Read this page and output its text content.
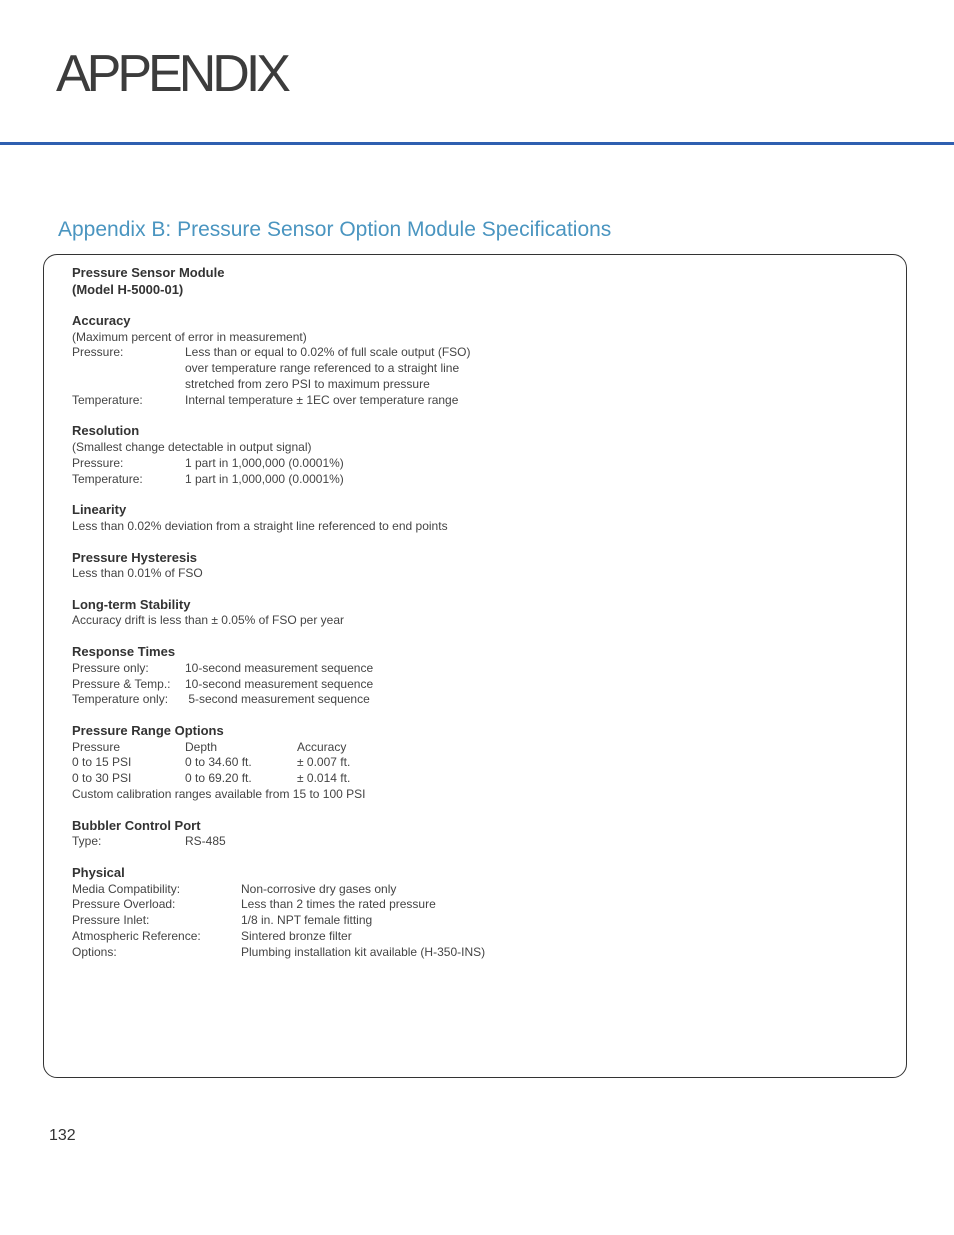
APPENDIX
Appendix B: Pressure Sensor Option Module Specifications
Pressure Sensor Module
(Model H-5000-01)
Accuracy
(Maximum percent of error in measurement)
Pressure:	Less than or equal to 0.02% of full scale output (FSO)
over temperature range referenced to a straight line
stretched from zero PSI to maximum pressure
Temperature:	Internal temperature ± 1EC over temperature range
Resolution
(Smallest change detectable in output signal)
Pressure:	1 part in 1,000,000 (0.0001%)
Temperature:	1 part in 1,000,000 (0.0001%)
Linearity
Less than 0.02% deviation from a straight line referenced to end points
Pressure Hysteresis
Less than 0.01% of FSO
Long-term Stability
Accuracy drift is less than ± 0.05% of FSO per year
Response Times
Pressure only:	10-second measurement sequence
Pressure & Temp.:	10-second measurement sequence
Temperature only:	5-second measurement sequence
Pressure Range Options
Pressure	Depth	Accuracy
0 to 15 PSI	0 to 34.60 ft.	± 0.007 ft.
0 to 30 PSI	0 to 69.20 ft.	± 0.014 ft.
Custom calibration ranges available from 15 to 100 PSI
Bubbler Control Port
Type:	RS-485
Physical
Media Compatibility:	Non-corrosive dry gases only
Pressure Overload:	Less than 2 times the rated pressure
Pressure Inlet:	1/8 in. NPT female fitting
Atmospheric Reference:	Sintered bronze filter
Options:	Plumbing installation kit available (H-350-INS)
132
